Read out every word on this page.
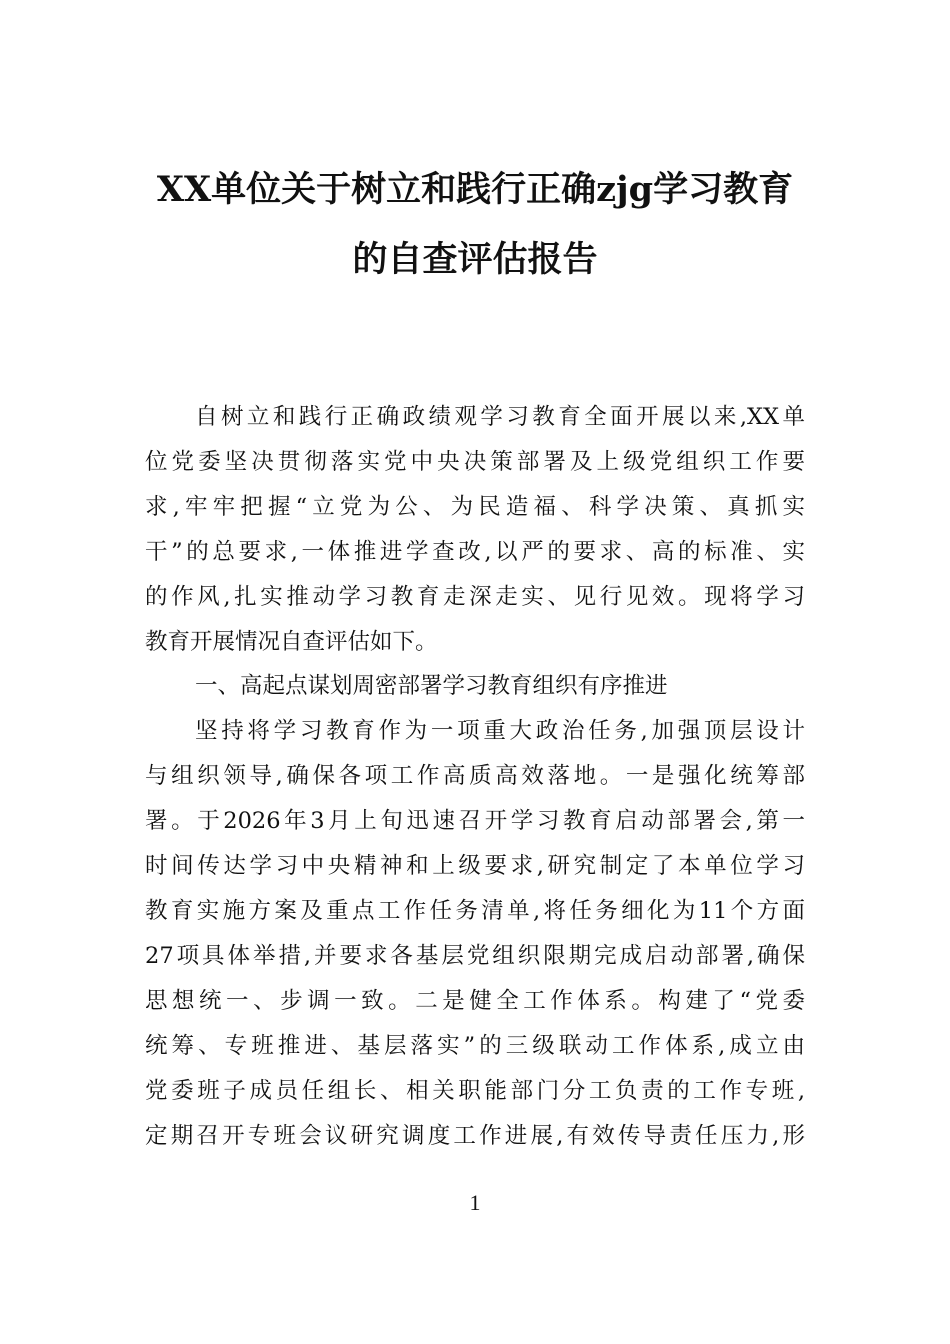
XX单位关于树立和践行正确zjg学习教育
的自查评估报告
自树立和践行正确政绩观学习教育全面开展以来,XX单
位党委坚决贯彻落实党中央决策部署及上级党组织工作要
求,牢牢把握“立党为公、为民造福、科学决策、真抓实
干”的总要求,一体推进学查改,以严的要求、高的标准、实
的作风,扎实推动学习教育走深走实、见行见效。现将学习
教育开展情况自查评估如下。
一、高起点谋划周密部署学习教育组织有序推进
坚持将学习教育作为一项重大政治任务,加强顶层设计
与组织领导,确保各项工作高质高效落地。一是强化统筹部
署。于2026年3月上旬迅速召开学习教育启动部署会,第一
时间传达学习中央精神和上级要求,研究制定了本单位学习
教育实施方案及重点工作任务清单,将任务细化为11个方面
27项具体举措,并要求各基层党组织限期完成启动部署,确保
思想统一、步调一致。二是健全工作体系。构建了“党委
统筹、专班推进、基层落实”的三级联动工作体系,成立由
党委班子成员任组长、相关职能部门分工负责的工作专班,
定期召开专班会议研究调度工作进展,有效传导责任压力,形
1
